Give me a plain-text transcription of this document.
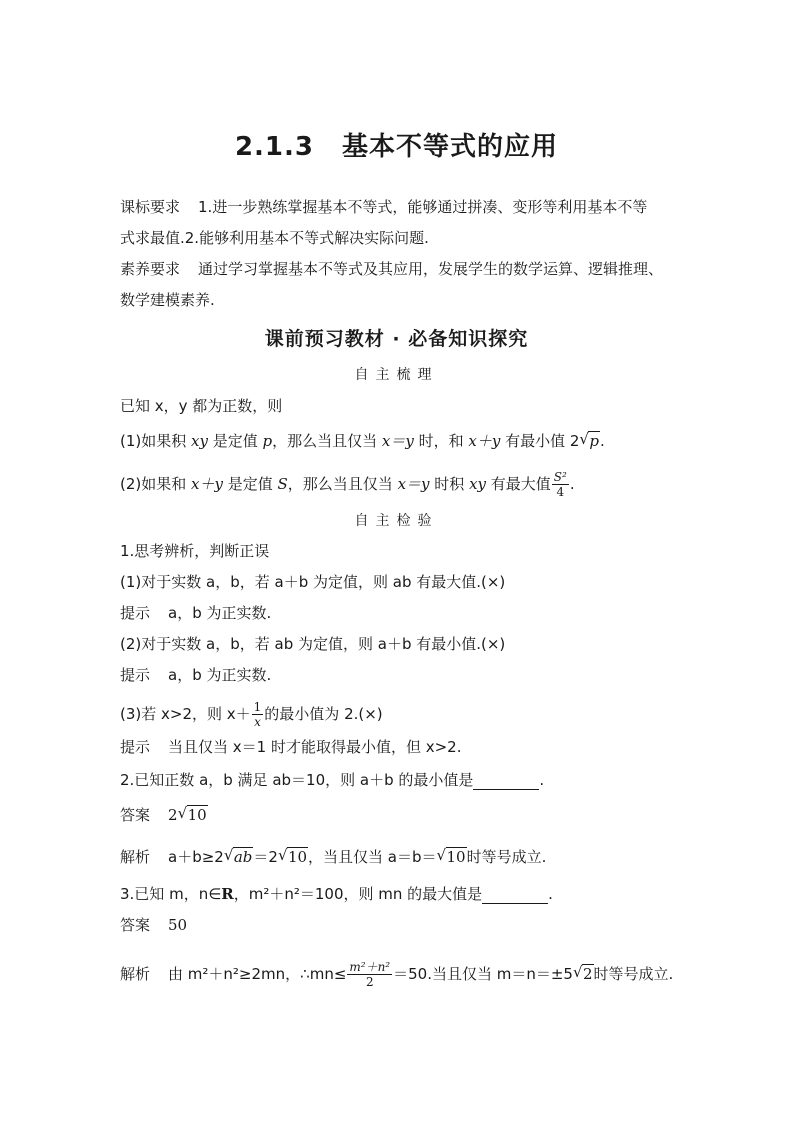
2.1.3 基本不等式的应用
课标要求 1.进一步熟练掌握基本不等式，能够通过拼凑、变形等利用基本不等
式求最值.2.能够利用基本不等式解决实际问题.
素养要求 通过学习掌握基本不等式及其应用，发展学生的数学运算、逻辑推理、
数学建模素养.
课前预习教材 · 必备知识探究
自主梳理
已知 x，y 都为正数，则
(1)如果积 xy 是定值 p，那么当且仅当 x＝y 时，和 x＋y 有最小值 2 √ p.
(2)如果和 x＋y 是定值 S，那么当且仅当 x＝y 时积 xy 有最大值 $\frac{\text{S²}}{4}$ .
自主检验
1.思考辨析，判断正误
(1)对于实数 a，b，若 a＋b 为定值，则 ab 有最大值.(×)
提示 a，b 为正实数.
(2)对于实数 a，b，若 ab 为定值，则 a＋b 有最小值.(×)
提示 a，b 为正实数.
(3)若 x>2，则 $x+ \frac{1}{x}$ 的最小值为 2.(×)
提示 当且仅当 x＝1 时才能取得最小值，但 x>2.
2.已知正数 a，b 满足 ab＝10，则 a＋b 的最小值是	.
答案 2 √ 10
解析 a＋b≥2 √ ab＝2 √ 10，当且仅当 a＝b＝ √ 10时等号成立.
3.已知 m，n∈R，m²＋n²＝100，则 mn 的最大值是	.
答案 50
解析 由 m²＋n²≥2mn，∴mn≤ $\frac{\text{m²＋n²}}{2} =50$.当且仅当 m＝n＝±5 √ 2时等号成立.
